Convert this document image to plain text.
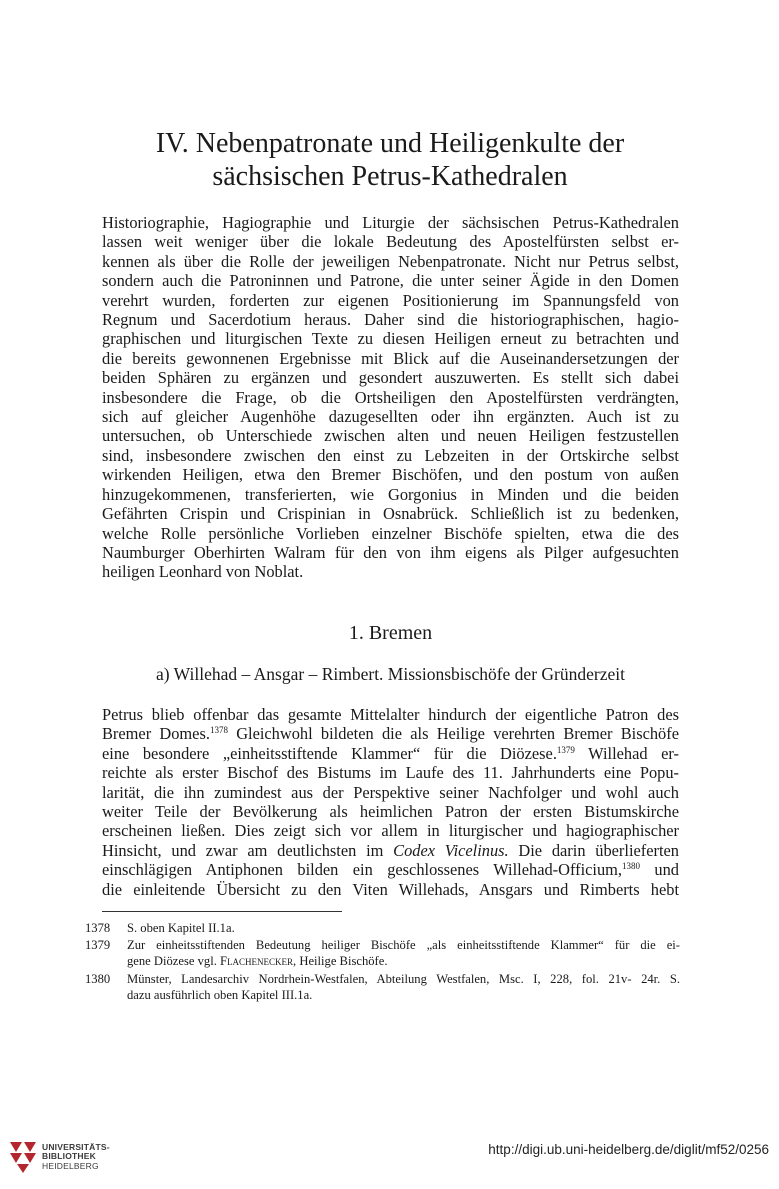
IV. Nebenpatronate und Heiligenkulte der
sächsischen Petrus-Kathedralen

Historiographie, Hagiographie und Liturgie der sächsischen Petrus-Kathedralen
lassen weit weniger über die lokale Bedeutung des Apostelfürsten selbst er-
kennen als über die Rolle der jeweiligen Nebenpatronate. Nicht nur Petrus selbst,
sondern auch die Patroninnen und Patrone, die unter seiner Ägide in den Domen
verehrt wurden, forderten zur eigenen Positionierung im Spannungsfeld von
Regnum und Sacerdotium heraus. Daher sind die historiographischen, hagio-
graphischen und liturgischen Texte zu diesen Heiligen erneut zu betrachten und
die bereits gewonnenen Ergebnisse mit Blick auf die Auseinandersetzungen der
beiden Sphären zu ergänzen und gesondert auszuwerten. Es stellt sich dabei
insbesondere die Frage, ob die Ortsheiligen den Apostelfürsten verdrängten,
sich auf gleicher Augenhöhe dazugesellten oder ihn ergänzten. Auch ist zu
untersuchen, ob Unterschiede zwischen alten und neuen Heiligen festzustellen
sind, insbesondere zwischen den einst zu Lebzeiten in der Ortskirche selbst
wirkenden Heiligen, etwa den Bremer Bischöfen, und den postum von außen
hinzugekommenen, transferierten, wie Gorgonius in Minden und die beiden
Gefährten Crispin und Crispinian in Osnabrück. Schließlich ist zu bedenken,
welche Rolle persönliche Vorlieben einzelner Bischöfe spielten, etwa die des
Naumburger Oberhirten Walram für den von ihm eigens als Pilger aufgesuchten
heiligen Leonhard von Noblat.

1. Bremen
a) Willehad – Ansgar – Rimbert. Missionsbischöfe der Gründerzeit

Petrus blieb offenbar das gesamte Mittelalter hindurch der eigentliche Patron des
Bremer Domes.$^{1378}$ Gleichwohl bildeten die als Heilige verehrten Bremer Bischöfe
eine besondere „einheitsstiftende Klammer“ für die Diözese.$^{1379}$ Willehad er-
reichte als erster Bischof des Bistums im Laufe des 11. Jahrhunderts eine Popu-
larität, die ihn zumindest aus der Perspektive seiner Nachfolger und wohl auch
weiter Teile der Bevölkerung als heimlichen Patron der ersten Bistumskirche
erscheinen ließen. Dies zeigt sich vor allem in liturgischer und hagiographischer
Hinsicht, und zwar am deutlichsten im Codex Vicelinus. Die darin überlieferten
einschlägigen Antiphonen bilden ein geschlossenes Willehad-Officium,$^{1380}$ und
die einleitende Übersicht zu den Viten Willehads, Ansgars und Rimberts hebt

1378	S. oben Kapitel II.1a.
1379	Zur einheitsstiftenden Bedeutung heiliger Bischöfe „als einheitsstiftende Klammer“ für die ei-
gene Diözese vgl. Flachenecker, Heilige Bischöfe.
1380	Münster, Landesarchiv Nordrhein-Westfalen, Abteilung Westfalen, Msc. I, 228, fol. 21v- 24r. S.
dazu ausführlich oben Kapitel III.1a.
UNIVERSITÄTS-
BIBLIOTHEK
HEIDELBERG
http://digi.ub.uni-heidelberg.de/diglit/mf52/0256
